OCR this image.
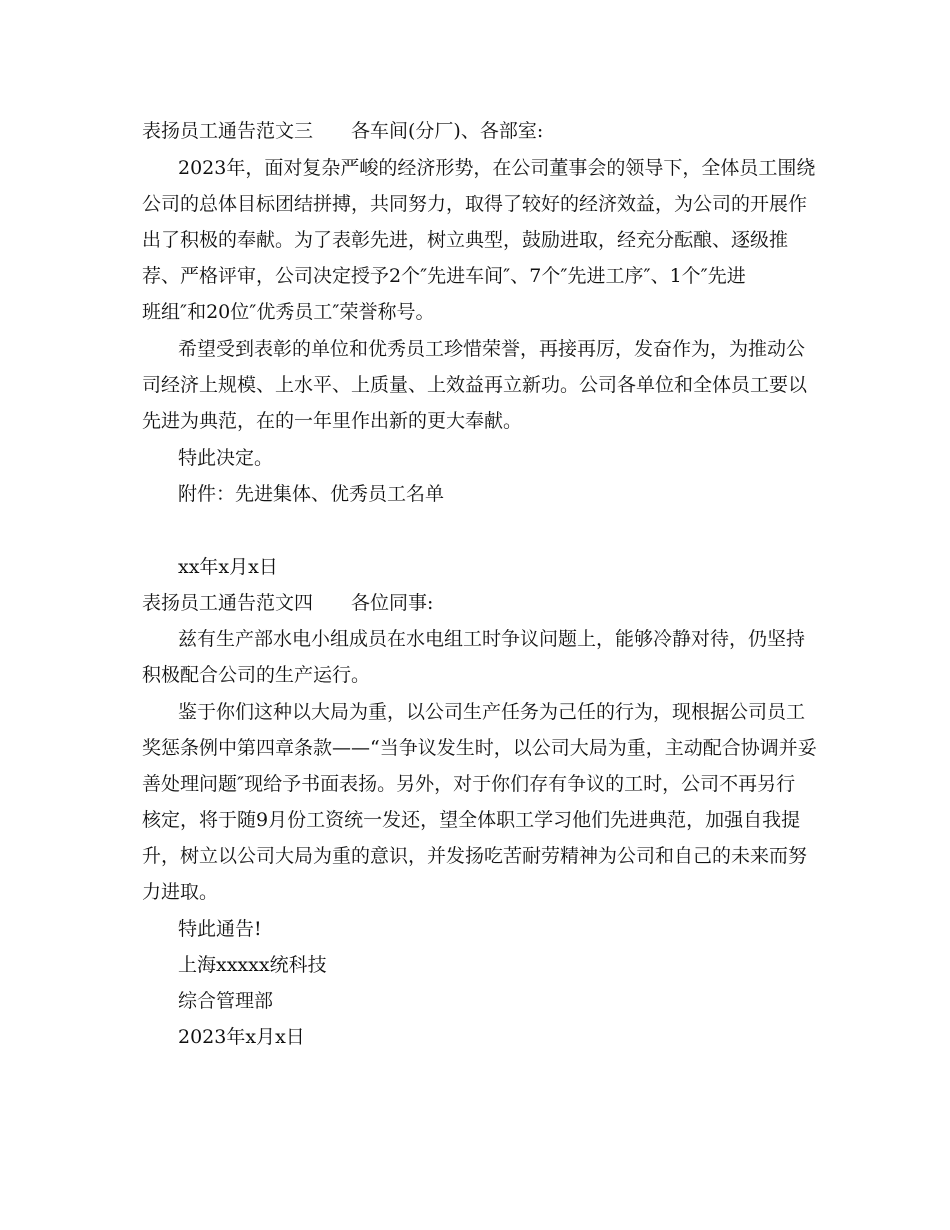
表扬员工通告范文三 各车间(分厂)、各部室:
2023年，面对复杂严峻的经济形势，在公司董事会的领导下，全体员工围绕
公司的总体目标团结拼搏，共同努力，取得了较好的经济效益，为公司的开展作
出了积极的奉献。为了表彰先进，树立典型，鼓励进取，经充分酝酿、逐级推
荐、严格评审，公司决定授予2个″先进车间″、7个″先进工序″、1个″先进
班组″和20位″优秀员工″荣誉称号。
希望受到表彰的单位和优秀员工珍惜荣誉，再接再厉，发奋作为，为推动公
司经济上规模、上水平、上质量、上效益再立新功。公司各单位和全体员工要以
先进为典范，在的一年里作出新的更大奉献。
特此决定。
附件：先进集体、优秀员工名单
xx年x月x日
表扬员工通告范文四 各位同事:
兹有生产部水电小组成员在水电组工时争议问题上，能够冷静对待，仍坚持
积极配合公司的生产运行。
鉴于你们这种以大局为重，以公司生产任务为己任的行为，现根据公司员工
奖惩条例中第四章条款——“当争议发生时，以公司大局为重，主动配合协调并妥
善处理问题″现给予书面表扬。另外，对于你们存有争议的工时，公司不再另行
核定，将于随9月份工资统一发还，望全体职工学习他们先进典范，加强自我提
升，树立以公司大局为重的意识，并发扬吃苦耐劳精神为公司和自己的未来而努
力进取。
特此通告!
上海xxxxx统科技
综合管理部
2023年x月x日
